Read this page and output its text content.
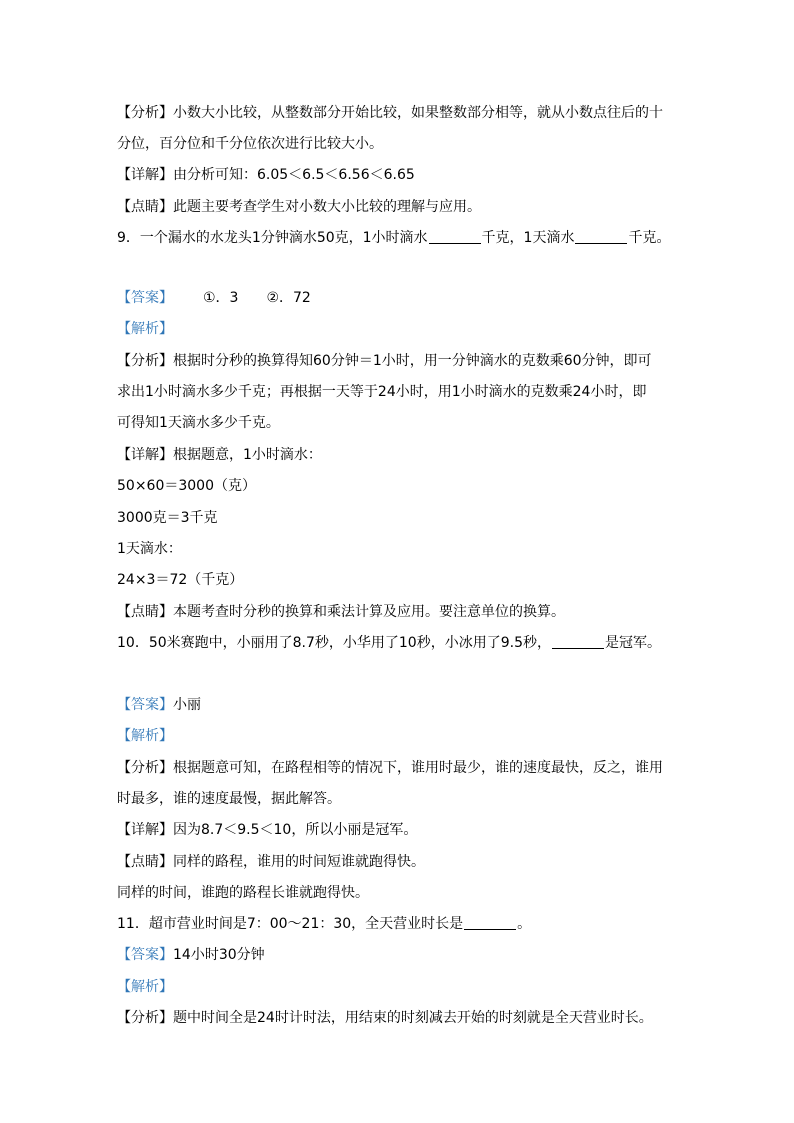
【分析】小数大小比较，从整数部分开始比较，如果整数部分相等，就从小数点往后的十
分位，百分位和千分位依次进行比较大小。
【详解】由分析可知：6.05＜6.5＜6.56＜6.65
【点睛】此题主要考查学生对小数大小比较的理解与应用。
9．一个漏水的水龙头1分钟滴水50克，1小时滴水	千克，1天滴水	千克。
【答案】 ①．3 ②．72
【解析】
【分析】根据时分秒的换算得知60分钟＝1小时，用一分钟滴水的克数乘60分钟，即可
求出1小时滴水多少千克；再根据一天等于24小时，用1小时滴水的克数乘24小时，即
可得知1天滴水多少千克。
【详解】根据题意，1小时滴水：
50×60＝3000（克）
3000克＝3千克
1天滴水：
24×3＝72（千克）
【点睛】本题考查时分秒的换算和乘法计算及应用。要注意单位的换算。
10．50米赛跑中，小丽用了8.7秒，小华用了10秒，小冰用了9.5秒，	是冠军。
【答案】小丽
【解析】
【分析】根据题意可知，在路程相等的情况下，谁用时最少，谁的速度最快，反之，谁用
时最多，谁的速度最慢，据此解答。
【详解】因为8.7＜9.5＜10，所以小丽是冠军。
【点睛】同样的路程，谁用的时间短谁就跑得快。
同样的时间，谁跑的路程长谁就跑得快。
11．超市营业时间是7：00～21：30，全天营业时长是	。
【答案】14小时30分钟
【解析】
【分析】题中时间全是24时计时法，用结束的时刻减去开始的时刻就是全天营业时长。
